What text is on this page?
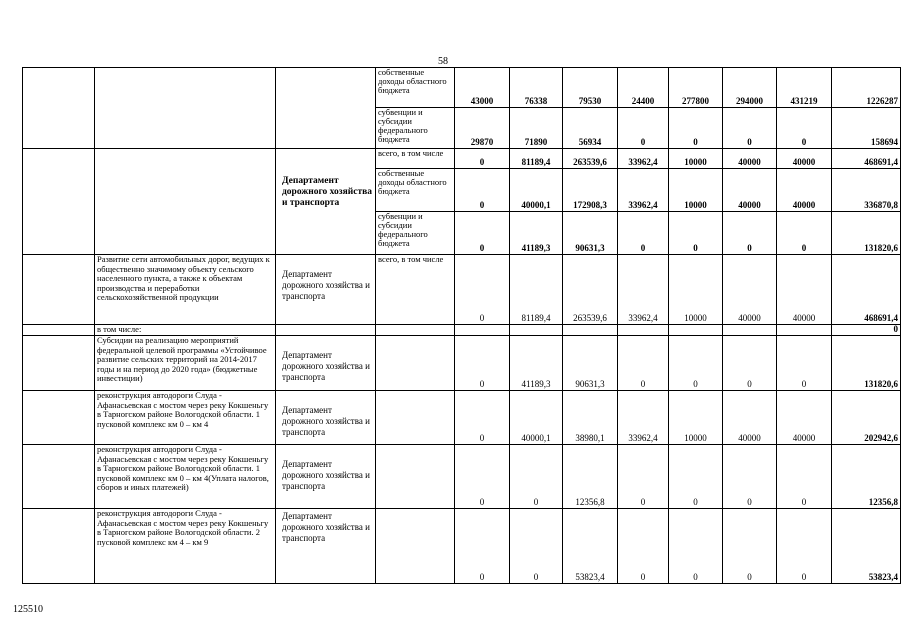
58
			собственные доходы областного бюджета	43000	76338	79530	24400	277800	294000	431219	1226287
			субвенции и субсидии федерального бюджета	29870	71890	56934	0	0	0	0	158694
		Департамент дорожного хозяйства и транспорта	всего, в том числе	0	81189,4	263539,6	33962,4	10000	40000	40000	468691,4
			собственные доходы областного бюджета	0	40000,1	172908,3	33962,4	10000	40000	40000	336870,8
			субвенции и субсидии федерального бюджета	0	41189,3	90631,3	0	0	0	0	131820,6
	Развитие сети автомобильных дорог, ведущих к общественно значимому объекту сельского населенного пункта, а также к объектам производства и переработки сельскохозяйственной продукции	Департамент дорожного хозяйства и транспорта	всего, в том числе	0	81189,4	263539,6	33962,4	10000	40000	40000	468691,4
	в том числе:										0
	Субсидии на реализацию мероприятий федеральной целевой программы «Устойчивое развитие сельских территорий на 2014-2017 годы и на период до 2020 года» (бюджетные инвестиции)	Департамент дорожного хозяйства и транспорта		0	41189,3	90631,3	0	0	0	0	131820,6
	реконструкция автодороги Слуда - Афанасьевская с мостом через реку Кокшеньгу в Тарногском районе Вологодской области. 1 пусковой комплекс км 0 – км 4	Департамент дорожного хозяйства и транспорта		0	40000,1	38980,1	33962,4	10000	40000	40000	202942,6
	реконструкция автодороги Слуда - Афанасьевская с мостом через реку Кокшеньгу в Тарногском районе Вологодской области. 1 пусковой комплекс км 0 – км 4(Уплата налогов, сборов и иных платежей)	Департамент дорожного хозяйства и транспорта		0	0	12356,8	0	0	0	0	12356,8
	реконструкция автодороги Слуда - Афанасьевская с мостом через реку Кокшеньгу в Тарногском районе Вологодской области. 2 пусковой комплекс км 4 – км 9	Департамент дорожного хозяйства и транспорта		0	0	53823,4	0	0	0	0	53823,4
125510
